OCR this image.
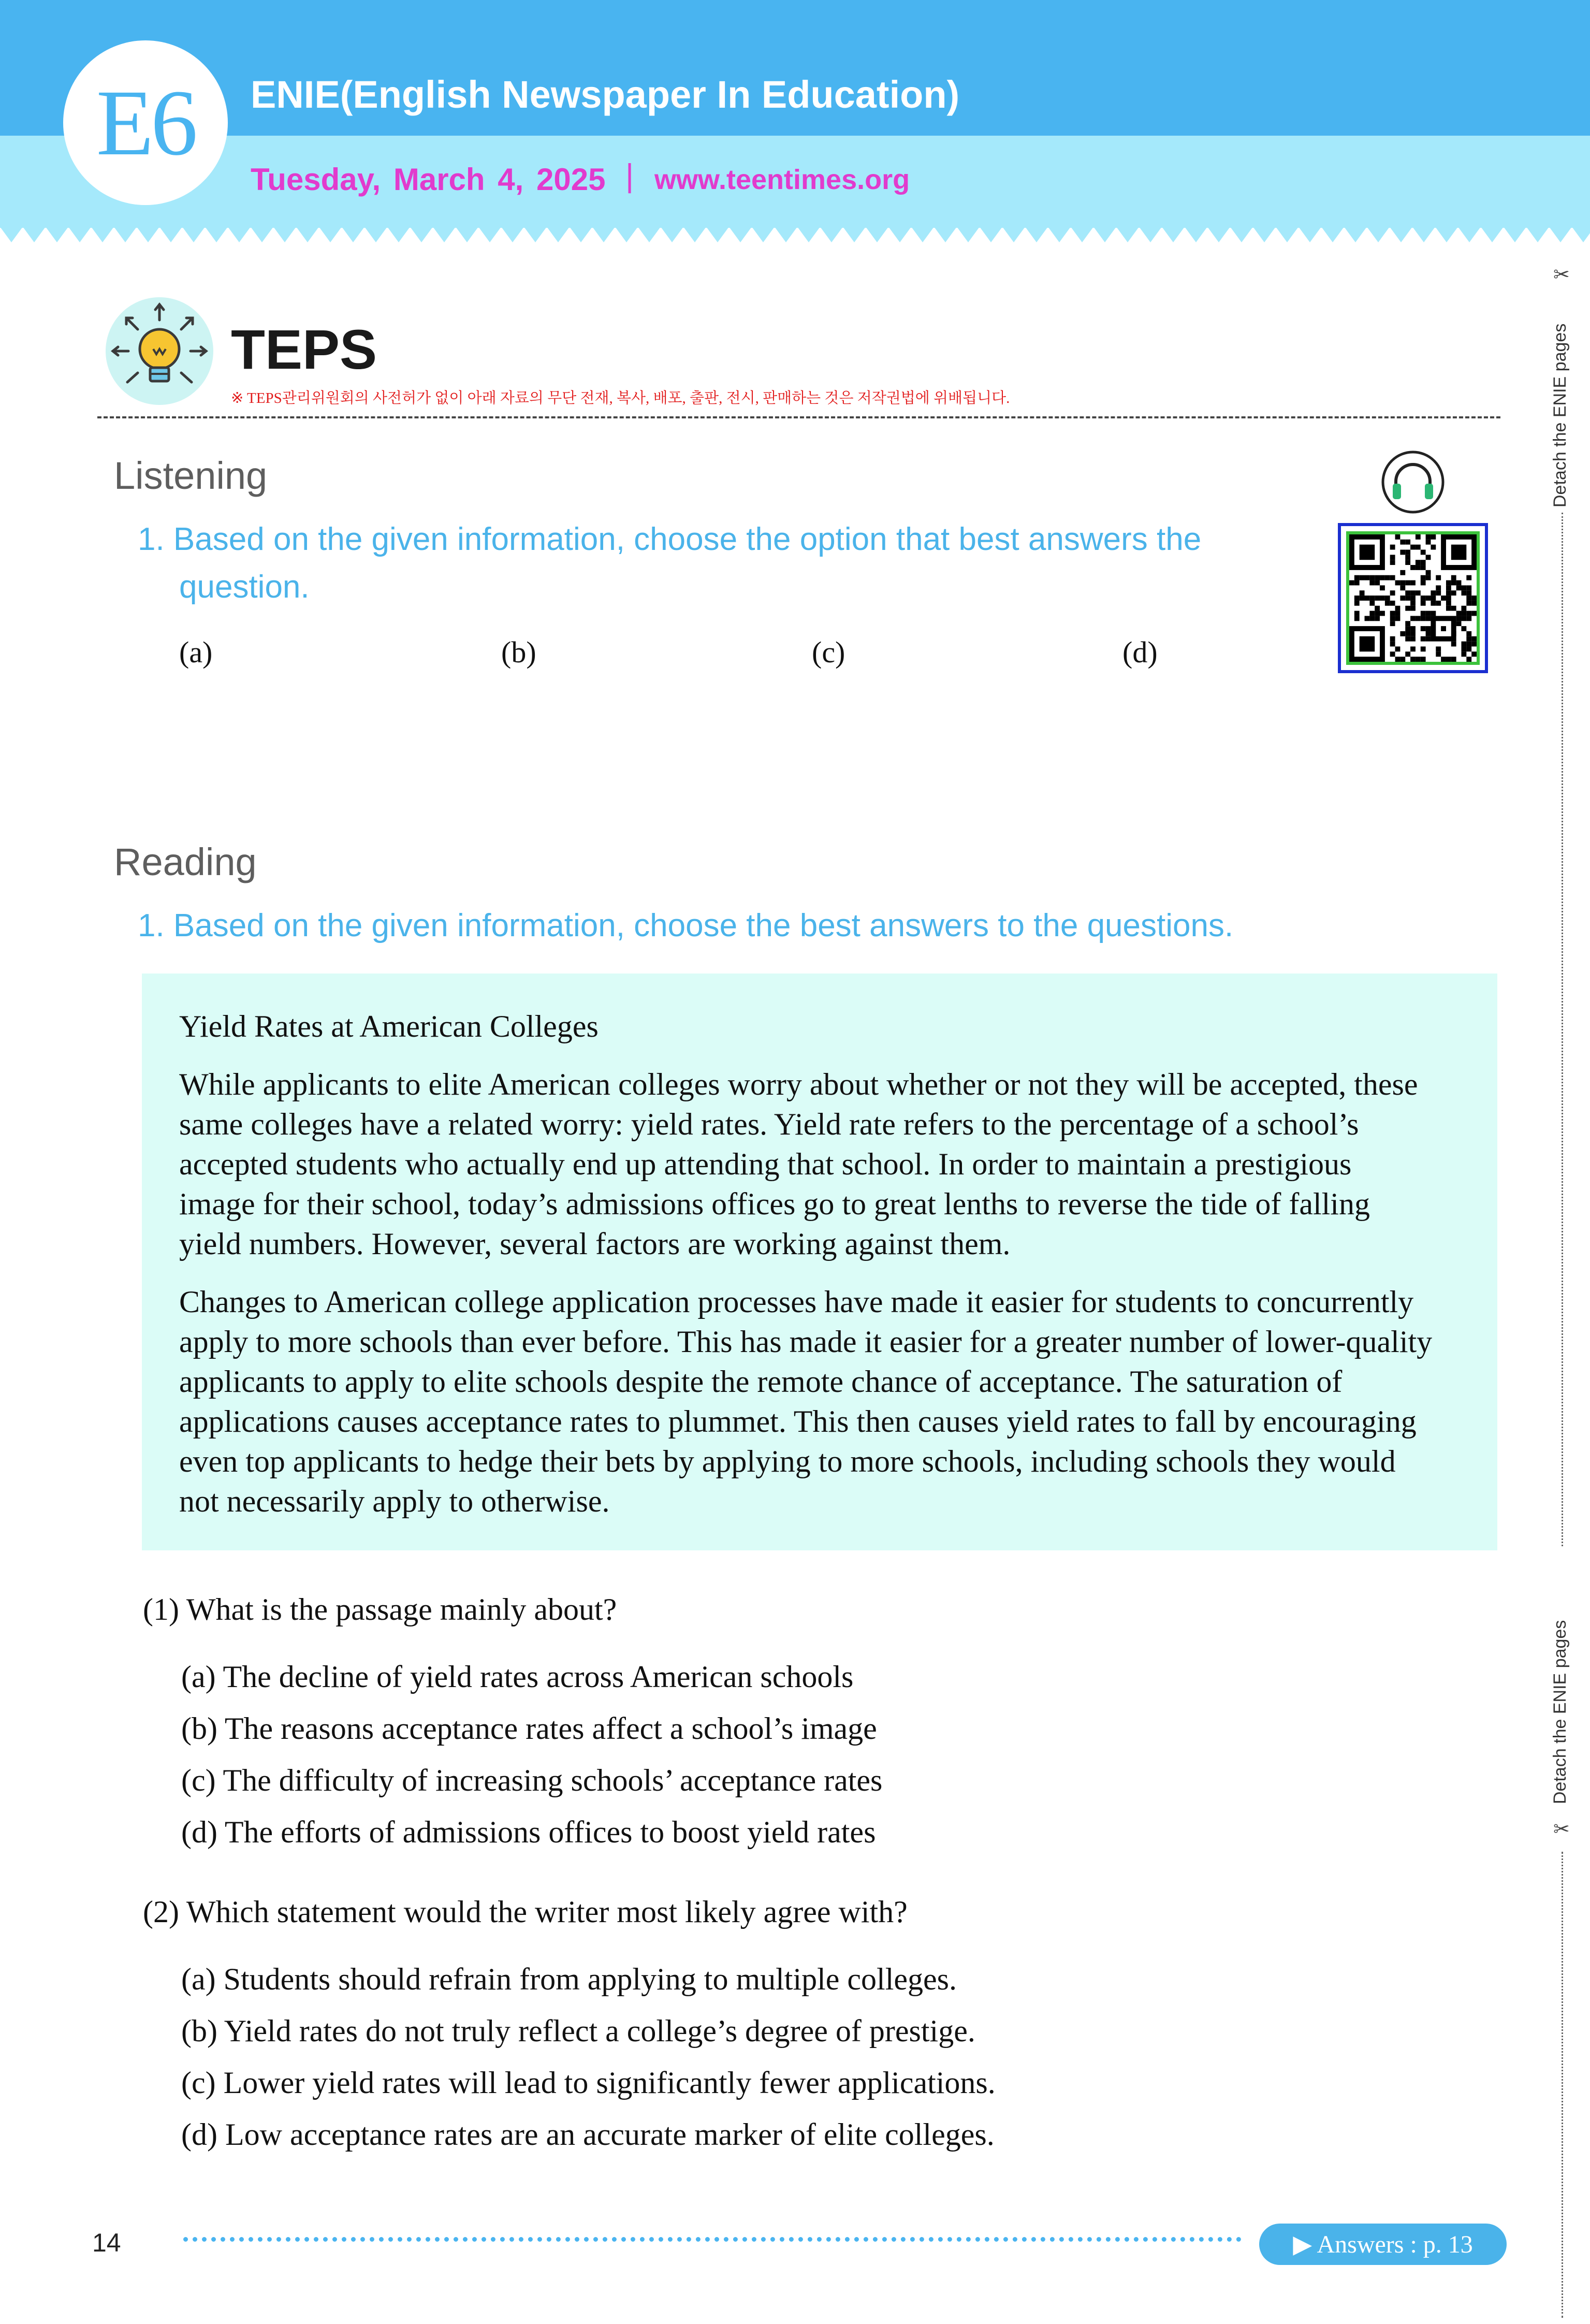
E6 ENIE(English Newspaper In Education)
Tuesday, March 4, 2025 | www.teentimes.org
✂
Detach the ENIE pages
Detach the ENIE pages
✂
TEPS
※ TEPS관리위원회의 사전허가 없이 아래 자료의 무단 전재, 복사, 배포, 출판, 전시, 판매하는 것은 저작권법에 위배됩니다.
Listening
1. Based on the given information, choose the option that best answers the
question.
(a)	(b)	(c)	(d)
Reading
1. Based on the given information, choose the best answers to the questions.
Yield Rates at American Colleges
While applicants to elite American colleges worry about whether or not they will be accepted, these
same colleges have a related worry: yield rates. Yield rate refers to the percentage of a school’s
accepted students who actually end up attending that school. In order to maintain a prestigious
image for their school, today’s admissions offices go to great lenths to reverse the tide of falling
yield numbers. However, several factors are working against them.
Changes to American college application processes have made it easier for students to concurrently
apply to more schools than ever before. This has made it easier for a greater number of lower-quality
applicants to apply to elite schools despite the remote chance of acceptance. The saturation of
applications causes acceptance rates to plummet. This then causes yield rates to fall by encouraging
even top applicants to hedge their bets by applying to more schools, including schools they would
not necessarily apply to otherwise.
(1) What is the passage mainly about?
(a) The decline of yield rates across American schools
(b) The reasons acceptance rates affect a school’s image
(c) The difficulty of increasing schools’ acceptance rates
(d) The efforts of admissions offices to boost yield rates
(2) Which statement would the writer most likely agree with?
(a) Students should refrain from applying to multiple colleges.
(b) Yield rates do not truly reflect a college’s degree of prestige.
(c) Lower yield rates will lead to significantly fewer applications.
(d) Low acceptance rates are an accurate marker of elite colleges.
14	▶ Answers : p. 13
